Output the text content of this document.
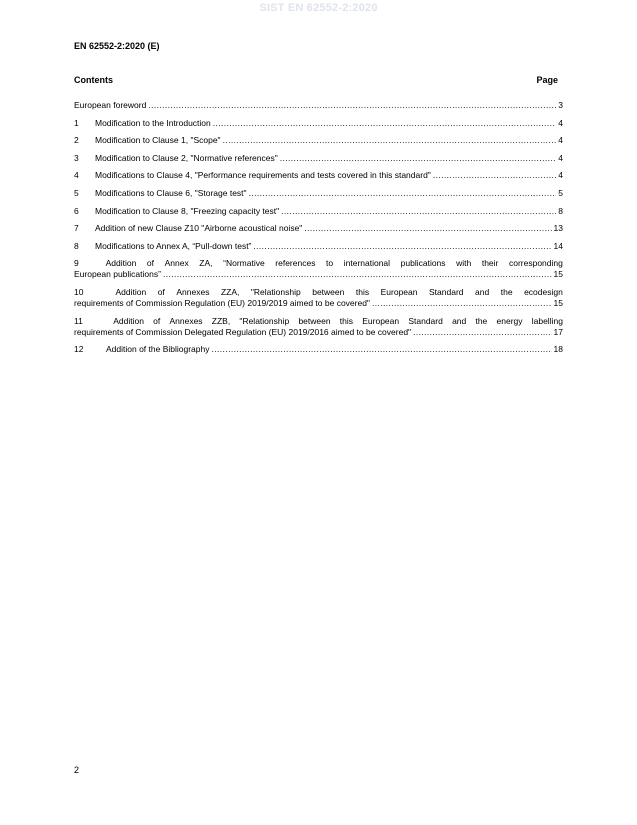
SIST EN 62552-2:2020
EN 62552-2:2020 (E)
Contents	Page
European foreword .....	3
1	Modification to the Introduction .....	4
2	Modification to Clause 1, "Scope" .....	4
3	Modification to Clause 2, "Normative references" .....	4
4	Modifications to Clause 4, "Performance requirements and tests covered in this standard" .....	4
5	Modifications to Clause 6, "Storage test" .....	5
6	Modification to Clause 8, "Freezing capacity test" .....	8
7	Addition of new Clause Z10 "Airborne acoustical noise" .....	13
8	Modifications to Annex A, “Pull-down test” .....	14
9	Addition of Annex ZA, “Normative references to international publications with their corresponding
European publications” .....	15
10	Addition of Annexes ZZA, "Relationship between this European Standard and the ecodesign
requirements of Commission Regulation (EU) 2019/2019 aimed to be covered" .....	15
11	Addition of Annexes ZZB, "Relationship between this European Standard and the energy labelling
requirements of Commission Delegated Regulation (EU) 2019/2016 aimed to be covered" .....	17
12	Addition of the Bibliography .....	18
2
